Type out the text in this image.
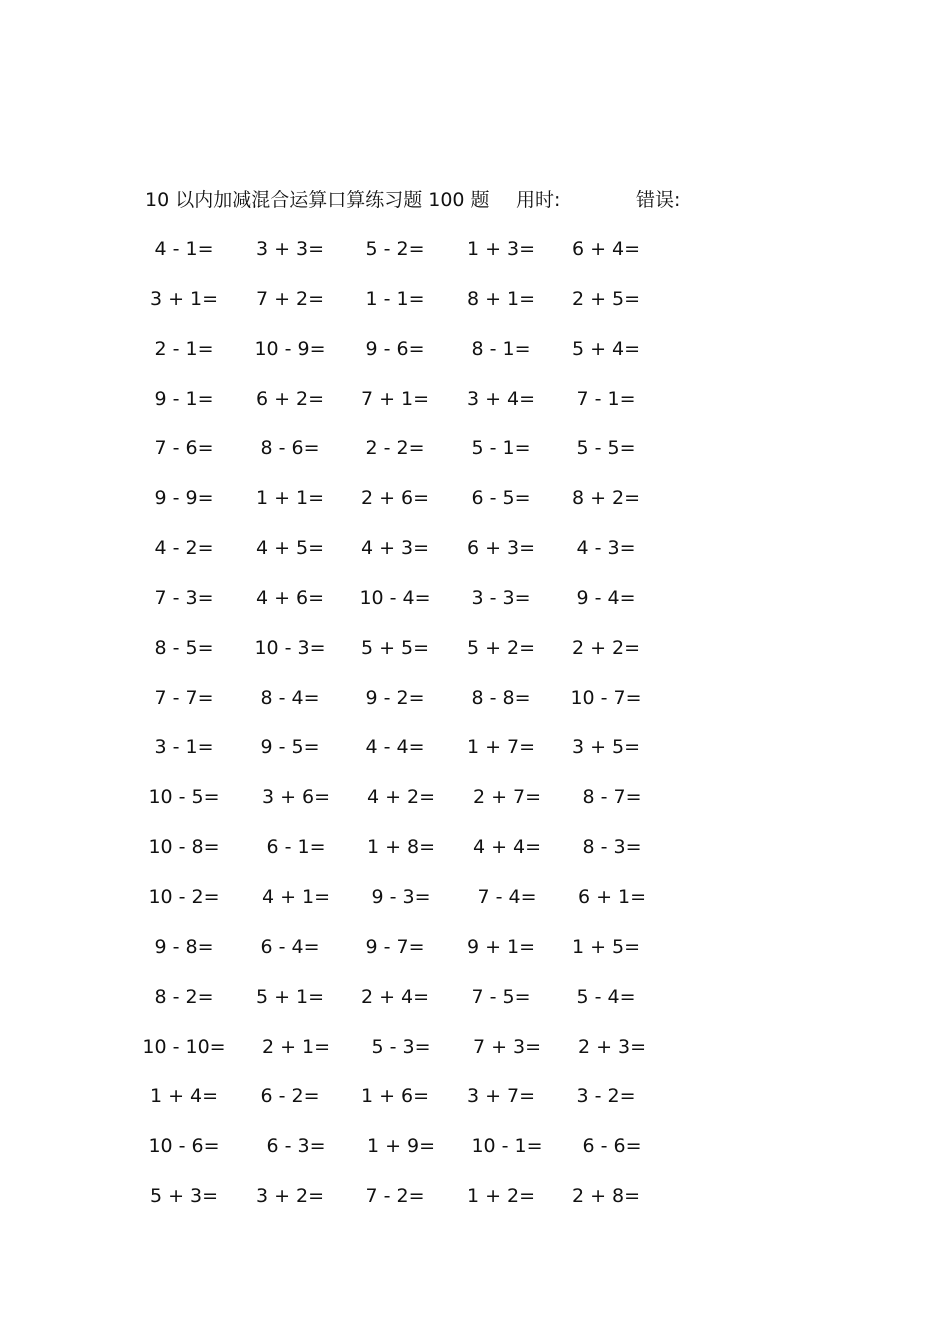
10 以内加减混合运算口算练习题 100 题 用时:	错误:
4 - 1=	3 + 3=	5 - 2=	1 + 3=	6 + 4=
3 + 1=	7 + 2=	1 - 1=	8 + 1=	2 + 5=
2 - 1=	10 - 9=	9 - 6=	8 - 1=	5 + 4=
9 - 1=	6 + 2=	7 + 1=	3 + 4=	7 - 1=
7 - 6=	8 - 6=	2 - 2=	5 - 1=	5 - 5=
9 - 9=	1 + 1=	2 + 6=	6 - 5=	8 + 2=
4 - 2=	4 + 5=	4 + 3=	6 + 3=	4 - 3=
7 - 3=	4 + 6=	10 - 4=	3 - 3=	9 - 4=
8 - 5=	10 - 3=	5 + 5=	5 + 2=	2 + 2=
7 - 7=	8 - 4=	9 - 2=	8 - 8=	10 - 7=
3 - 1=	9 - 5=	4 - 4=	1 + 7=	3 + 5=
10 - 5=	3 + 6=	4 + 2=	2 + 7=	8 - 7=
10 - 8=	6 - 1=	1 + 8=	4 + 4=	8 - 3=
10 - 2=	4 + 1=	9 - 3=	7 - 4=	6 + 1=
9 - 8=	6 - 4=	9 - 7=	9 + 1=	1 + 5=
8 - 2=	5 + 1=	2 + 4=	7 - 5=	5 - 4=
10 - 10=	2 + 1=	5 - 3=	7 + 3=	2 + 3=
1 + 4=	6 - 2=	1 + 6=	3 + 7=	3 - 2=
10 - 6=	6 - 3=	1 + 9=	10 - 1=	6 - 6=
5 + 3=	3 + 2=	7 - 2=	1 + 2=	2 + 8=
